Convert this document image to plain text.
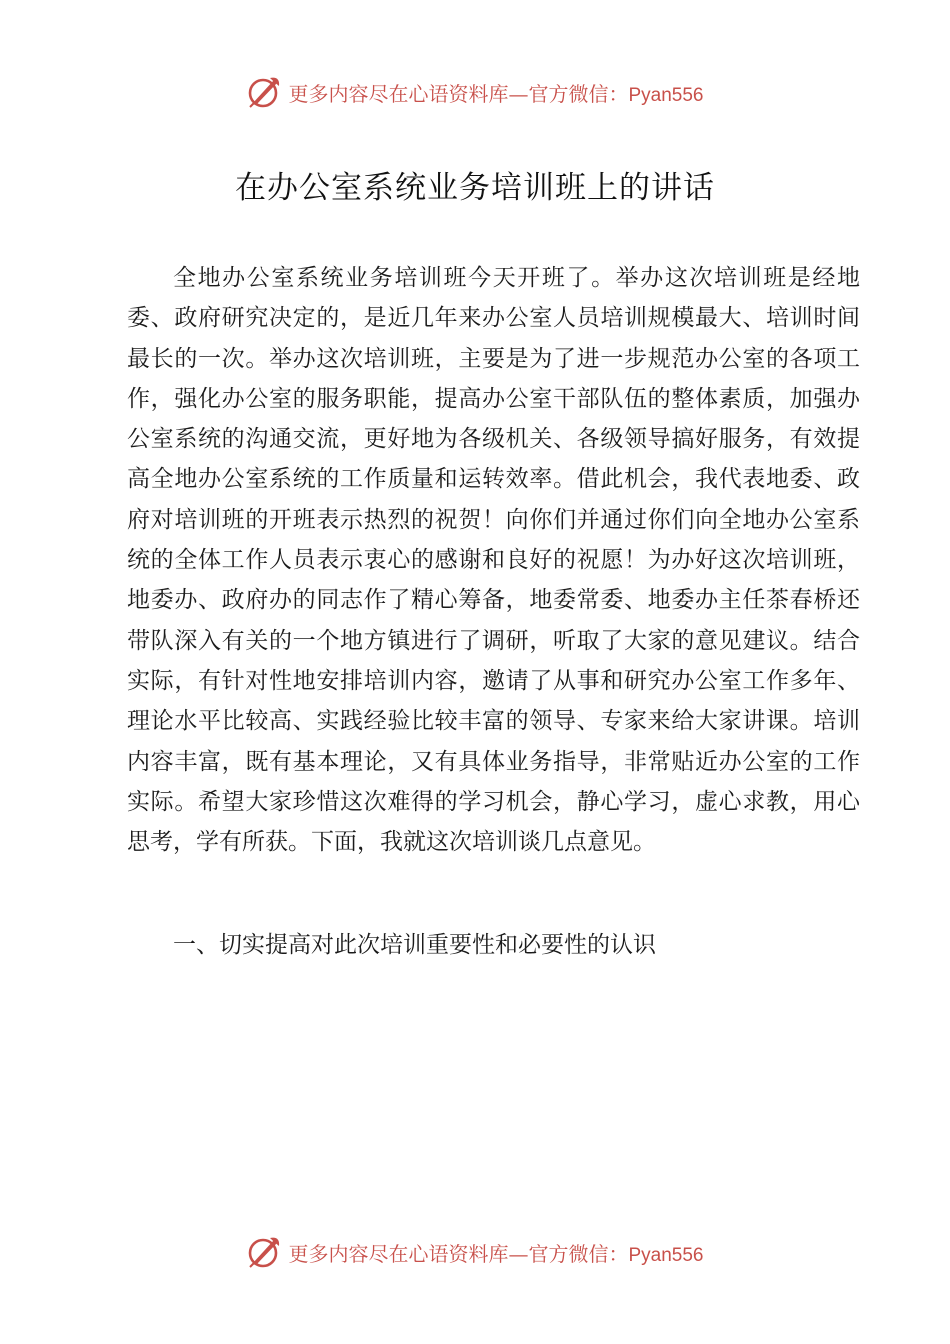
更多内容尽在心语资料库—官方微信：Pyan556
在办公室系统业务培训班上的讲话

全地办公室系统业务培训班今天开班了。举办这次培训班是经地委、政府研究决定的，是近几年来办公室人员培训规模最大、培训时间最长的一次。举办这次培训班，主要是为了进一步规范办公室的各项工作，强化办公室的服务职能，提高办公室干部队伍的整体素质，加强办公室系统的沟通交流，更好地为各级机关、各级领导搞好服务，有效提高全地办公室系统的工作质量和运转效率。借此机会，我代表地委、政府对培训班的开班表示热烈的祝贺！向你们并通过你们向全地办公室系统的全体工作人员表示衷心的感谢和良好的祝愿！为办好这次培训班，地委办、政府办的同志作了精心筹备，地委常委、地委办主任茶春桥还带队深入有关的一个地方镇进行了调研，听取了大家的意见建议。结合实际，有针对性地安排培训内容，邀请了从事和研究办公室工作多年、理论水平比较高、实践经验比较丰富的领导、专家来给大家讲课。培训内容丰富，既有基本理论，又有具体业务指导，非常贴近办公室的工作实际。希望大家珍惜这次难得的学习机会，静心学习，虚心求教，用心思考，学有所获。下面，我就这次培训谈几点意见。

一、切实提高对此次培训重要性和必要性的认识

更多内容尽在心语资料库—官方微信：Pyan556
